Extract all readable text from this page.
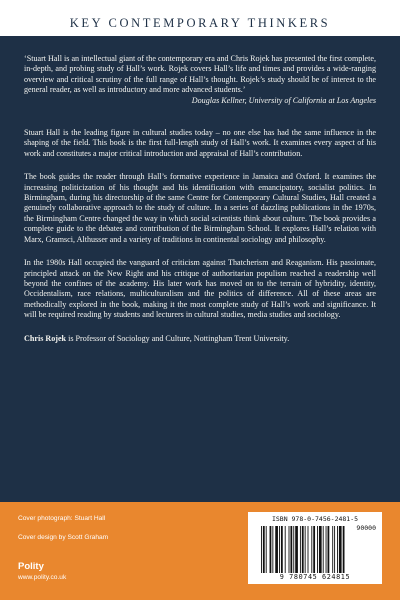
KEY CONTEMPORARY THINKERS
‘Stuart Hall is an intellectual giant of the contemporary era and Chris Rojek has presented the first complete, in-depth, and probing study of Hall’s work. Rojek covers Hall’s life and times and provides a wide-ranging overview and critical scrutiny of the full range of Hall’s thought. Rojek’s study should be of interest to the general reader, as well as introductory and more advanced students.’
Douglas Kellner, University of California at Los Angeles
Stuart Hall is the leading figure in cultural studies today – no one else has had the same influence in the shaping of the field. This book is the first full-length study of Hall’s work. It examines every aspect of his work and constitutes a major critical introduction and appraisal of Hall’s contribution.
The book guides the reader through Hall’s formative experience in Jamaica and Oxford. It examines the increasing politicization of his thought and his identification with emancipatory, socialist politics. In Birmingham, during his directorship of the same Centre for Contemporary Cultural Studies, Hall created a genuinely collaborative approach to the study of culture. In a series of dazzling publications in the 1970s, the Birmingham Centre changed the way in which social scientists think about culture. The book provides a complete guide to the debates and contribution of the Birmingham School. It explores Hall’s relation with Marx, Gramsci, Althusser and a variety of traditions in continental sociology and philosophy.
In the 1980s Hall occupied the vanguard of criticism against Thatcherism and Reaganism. His passionate, principled attack on the New Right and his critique of authoritarian populism reached a readership well beyond the confines of the academy. His later work has moved on to the terrain of hybridity, identity, Occidentalism, race relations, multiculturalism and the politics of difference. All of these areas are methodically explored in the book, making it the most complete study of Hall’s work and significance. It will be required reading by students and lecturers in cultural studies, media studies and sociology.
Chris Rojek is Professor of Sociology and Culture, Nottingham Trent University.
Cover photograph: Stuart Hall
Cover design by Scott Graham
Polity
www.polity.co.uk
ISBN 978-0-7456-2481-5
90000
9 780745 624815
